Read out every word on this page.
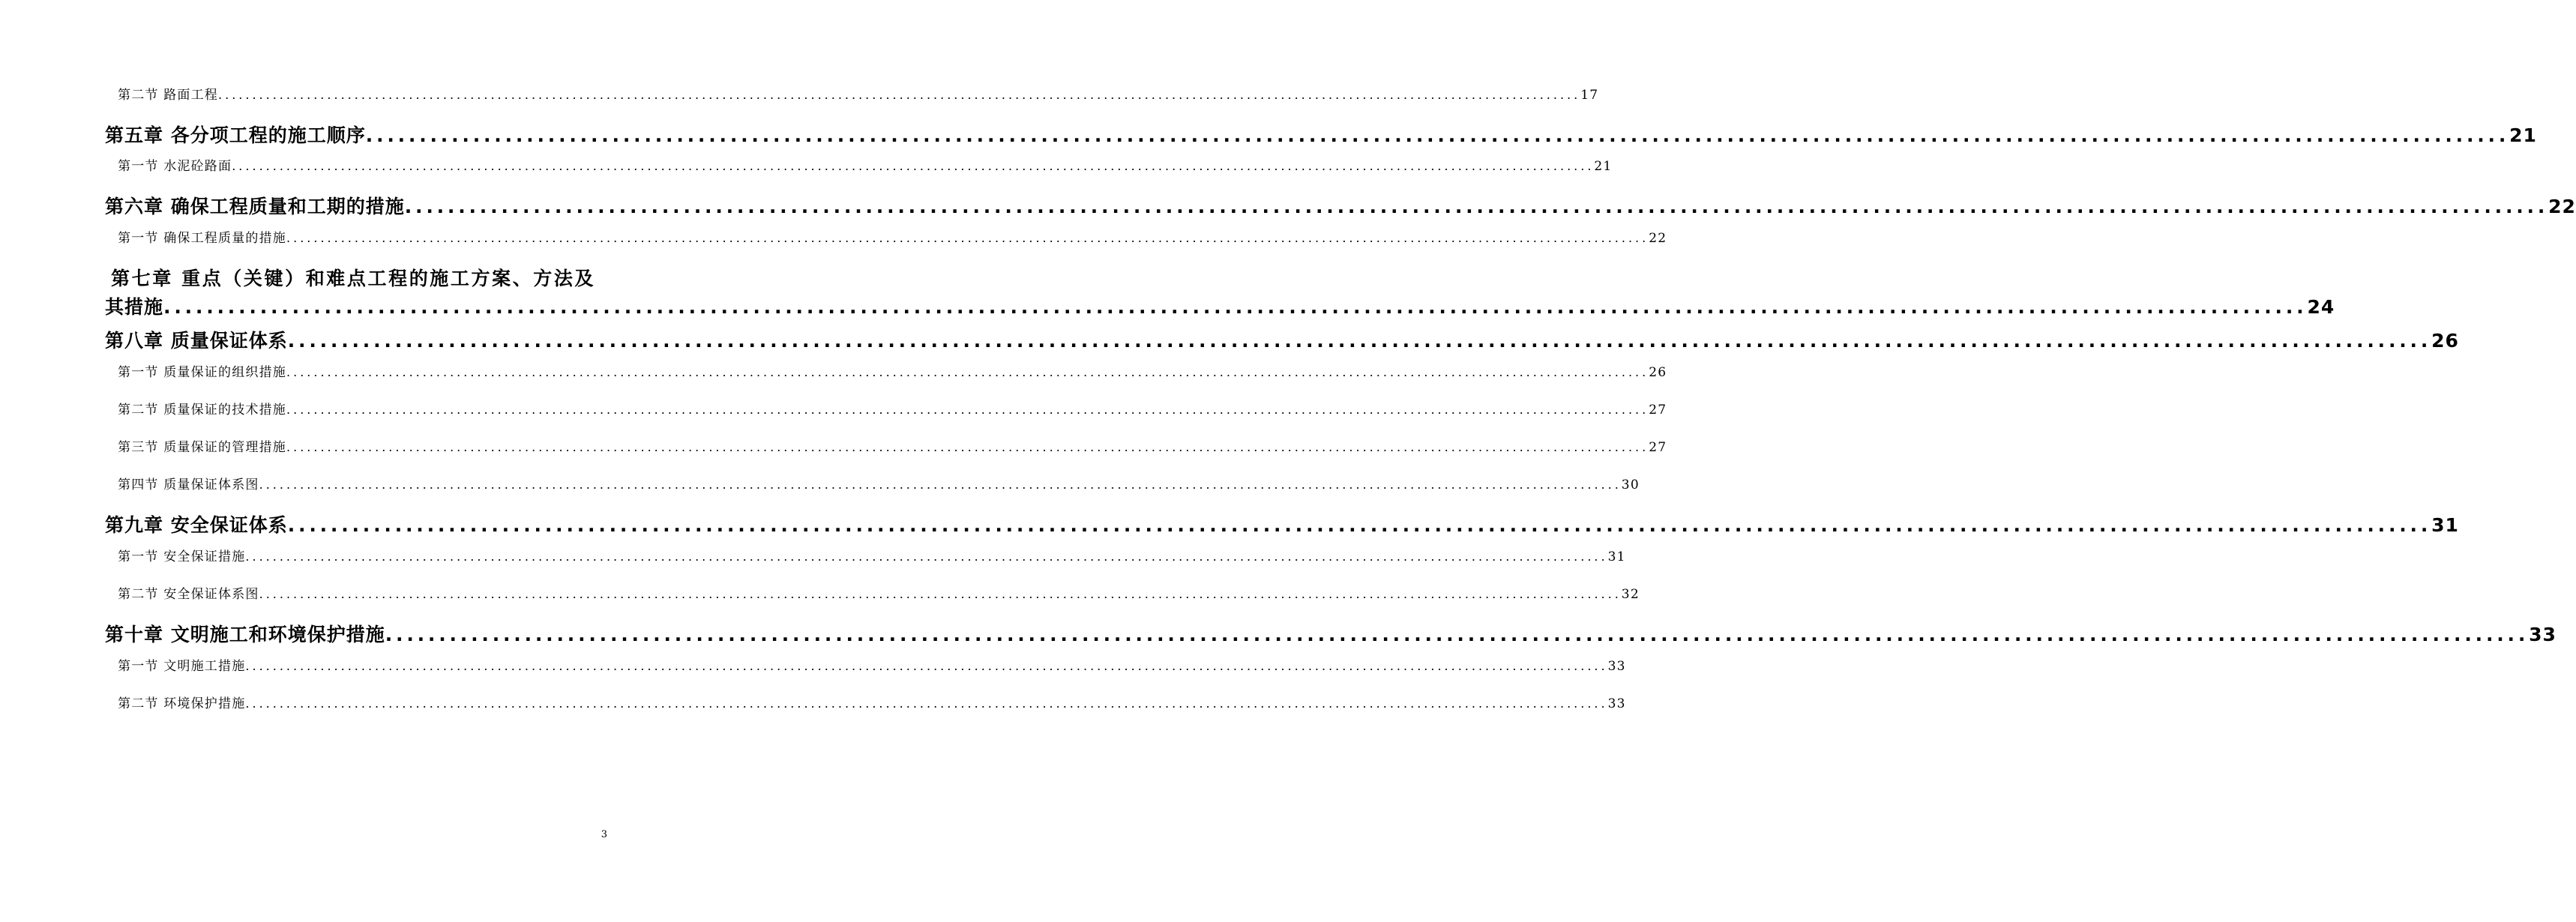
第二节 路面工程 ........................................................................................................................................................................................................ 17
第五章 各分项工程的施工顺序 ........................................................................................................................................................................................................ 21
第一节 水泥砼路面 ........................................................................................................................................................................................................ 21
第六章 确保工程质量和工期的措施 ........................................................................................................................................................................................................ 22
第一节 确保工程质量的措施 ........................................................................................................................................................................................................ 22
第七章 重点（关键）和难点工程的施工方案、方法及
其措施 ........................................................................................................................................................................................................ 24
第八章 质量保证体系 ........................................................................................................................................................................................................ 26
第一节 质量保证的组织措施 ........................................................................................................................................................................................................ 26
第二节 质量保证的技术措施 ........................................................................................................................................................................................................ 27
第三节 质量保证的管理措施 ........................................................................................................................................................................................................ 27
第四节 质量保证体系图 ........................................................................................................................................................................................................ 30
第九章 安全保证体系 ........................................................................................................................................................................................................ 31
第一节 安全保证措施 ........................................................................................................................................................................................................ 31
第二节 安全保证体系图 ........................................................................................................................................................................................................ 32
第十章 文明施工和环境保护措施 ........................................................................................................................................................................................................ 33
第一节 文明施工措施 ........................................................................................................................................................................................................ 33
第二节 环境保护措施 ........................................................................................................................................................................................................ 33
3
